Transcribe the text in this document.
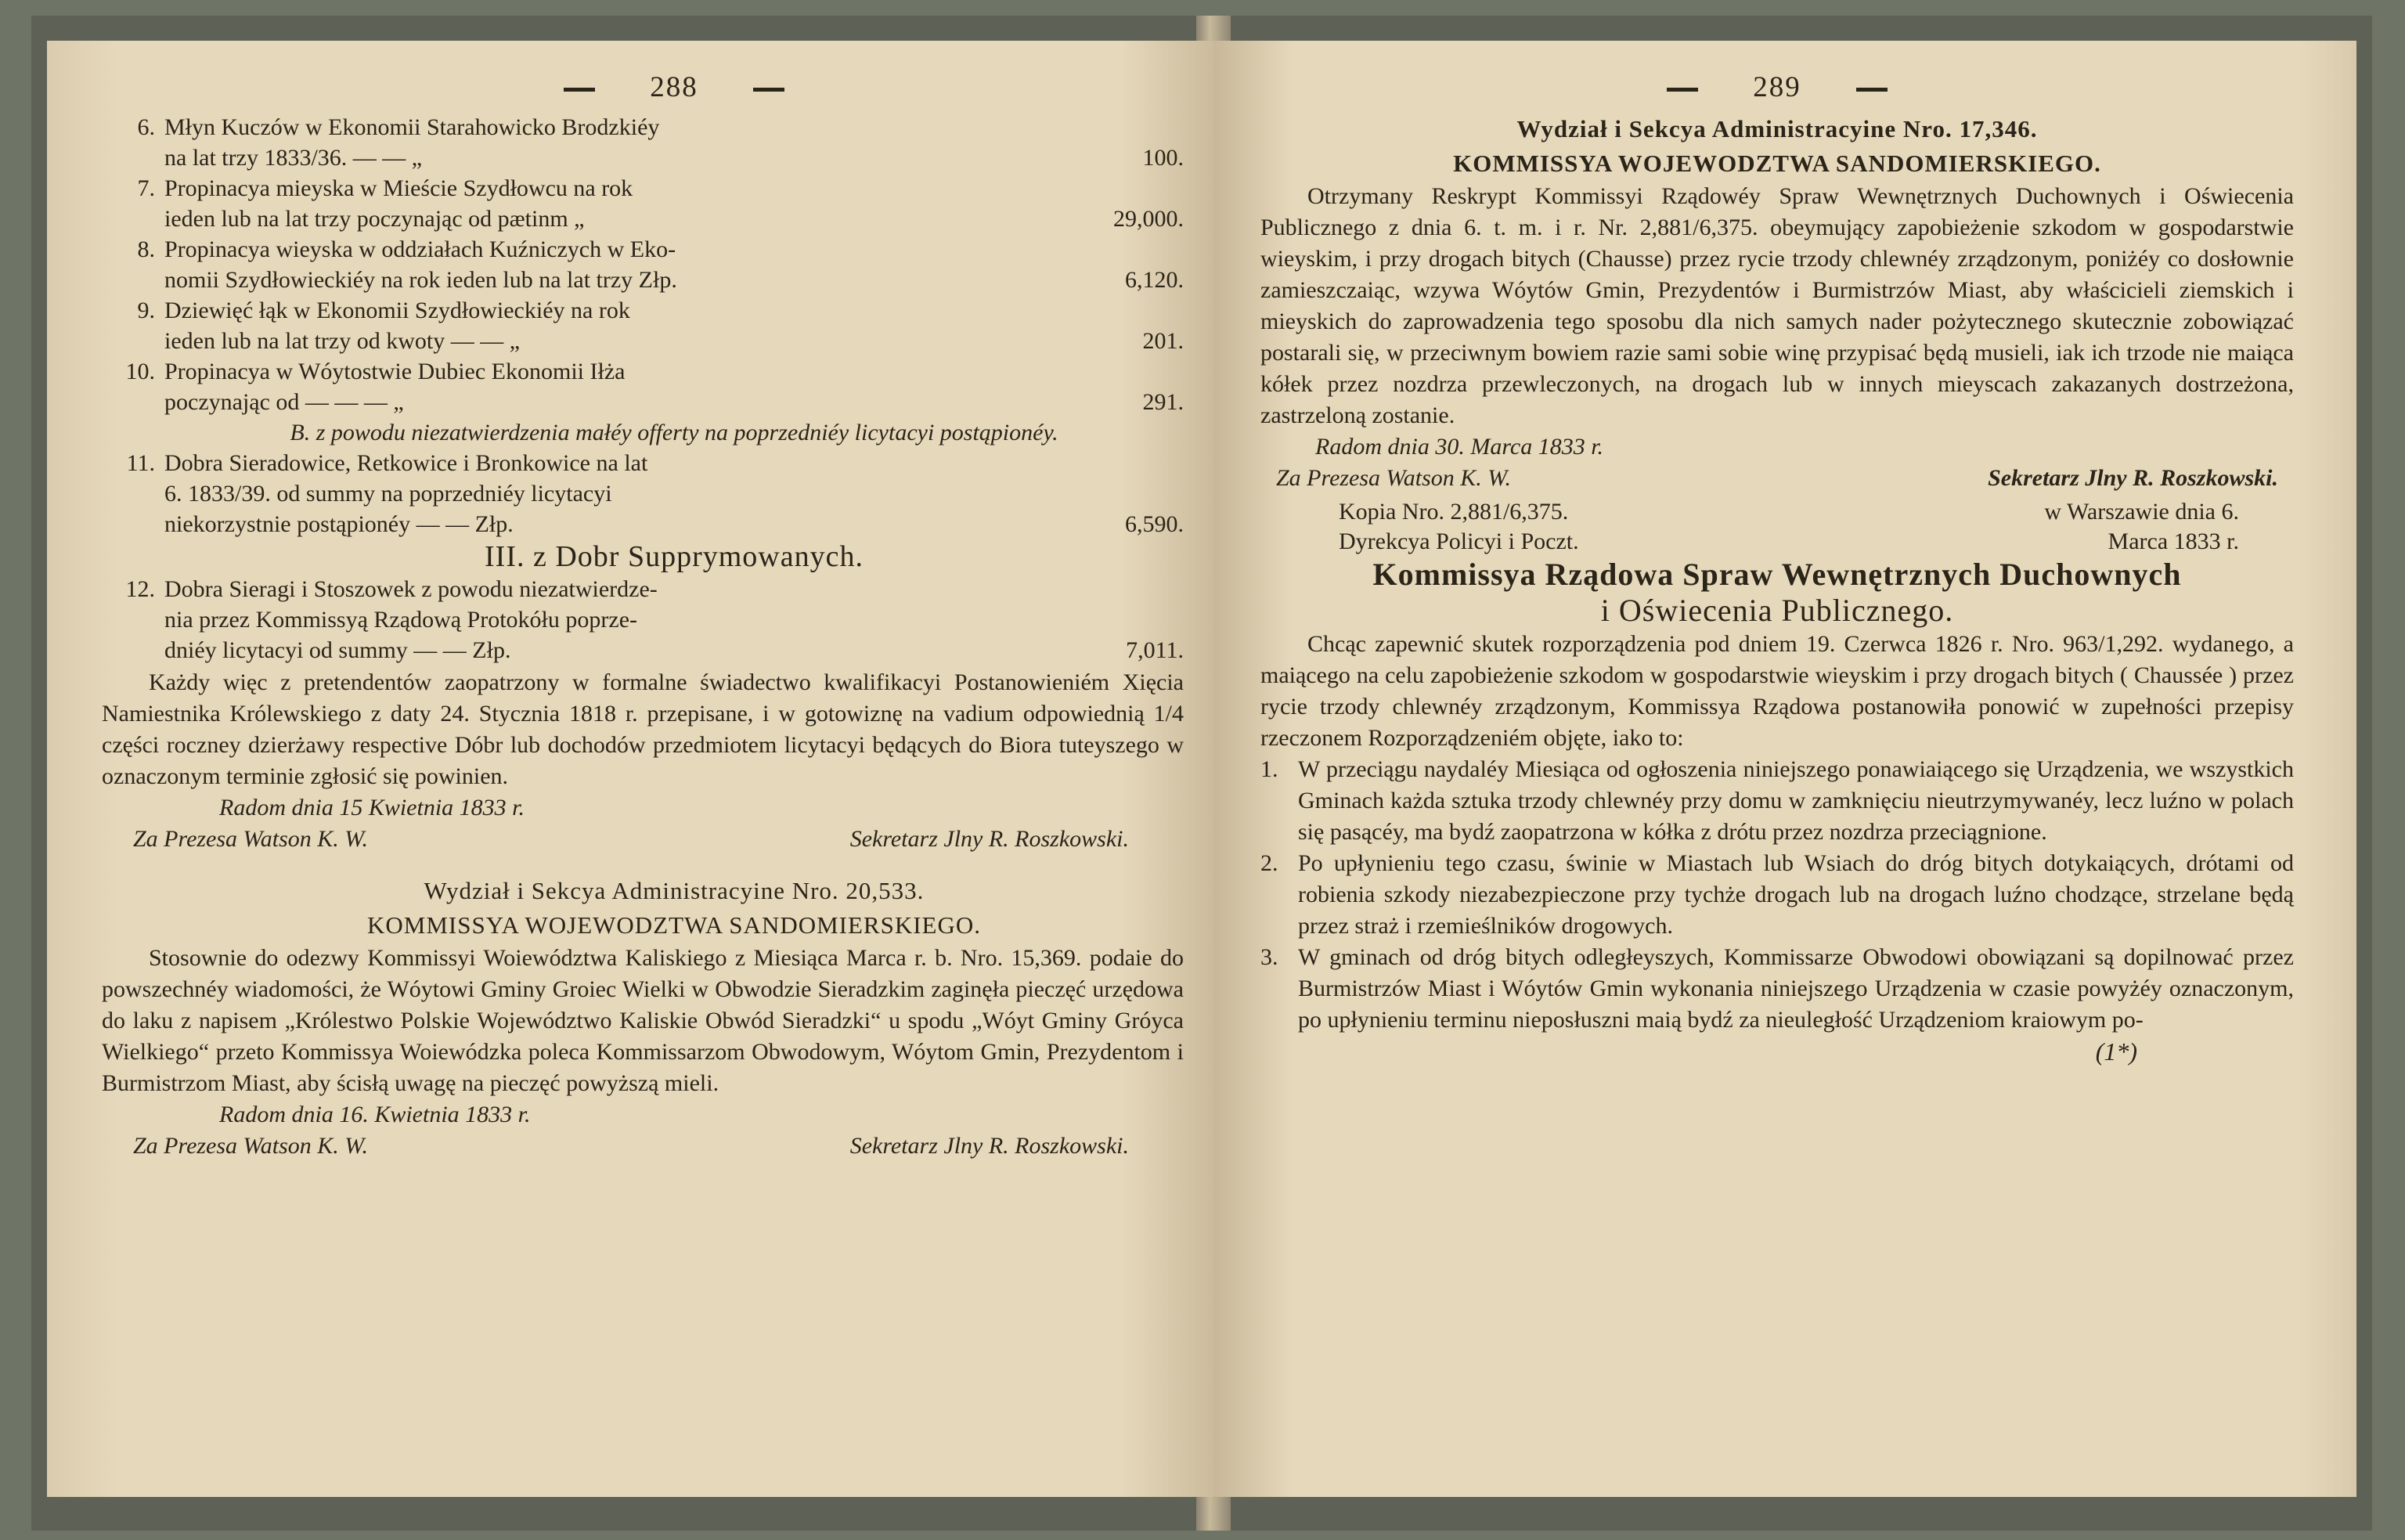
288
6. Młyn Kuczów w Ekonomii Starahowicko Brodzkiéy
na lat trzy 1833/36. — — „	100.
7. Propinacya mieyska w Mieście Szydłowcu na rok
ieden lub na lat trzy poczynając od pætinm „	29,000.
8. Propinacya wieyska w oddziałach Kuźniczych w Eko-
nomii Szydłowieckiéy na rok ieden lub na lat trzy Złp.	6,120.
9. Dziewięć łąk w Ekonomii Szydłowieckiéy na rok
ieden lub na lat trzy od kwoty — — „	201.
10. Propinacya w Wóytostwie Dubiec Ekonomii Iłża
poczynając od — — — „	291.
B. z powodu niezatwierdzenia małéy offerty na poprzedniéy licytacyi postąpionéy.
11. Dobra Sieradowice, Retkowice i Bronkowice na lat
6. 1833/39. od summy na poprzedniéy licytacyi
niekorzystnie postąpionéy — — Złp.	6,590.
III. z Dobr Supprymowanych.
12. Dobra Sieragi i Stoszowek z powodu niezatwierdze-
nia przez Kommissyą Rządową Protokółu poprze-
dniéy licytacyi od summy — — Złp.	7,011.
Każdy więc z pretendentów zaopatrzony w formalne świadectwo kwalifikacyi Postanowieniém Xięcia Namiestnika Królewskiego z daty 24. Stycznia 1818 r. przepisane, i w gotowiznę na vadium odpowiednią 1/4 części roczney dzierżawy respective Dóbr lub dochodów przedmiotem licytacyi będących do Biora tuteyszego w oznaczonym terminie zgłosić się powinien.
Radom dnia 15 Kwietnia 1833 r.
Za Prezesa Watson K. W.	Sekretarz Jlny R. Roszkowski.
Wydział i Sekcya Administracyine Nro. 20,533.
KOMMISSYA WOJEWODZTWA SANDOMIERSKIEGO.
Stosownie do odezwy Kommissyi Woiewództwa Kaliskiego z Miesiąca Marca r. b. Nro. 15,369. podaie do powszechnéy wiadomości, że Wóytowi Gminy Groiec Wielki w Obwodzie Sieradzkim zaginęła pieczęć urzędowa do laku z napisem „Królestwo Polskie Województwo Kaliskie Obwód Sieradzki“ u spodu „Wóyt Gminy Gróyca Wielkiego“ przeto Kommissya Woiewódzka poleca Kommissarzom Obwodowym, Wóytom Gmin, Prezydentom i Burmistrzom Miast, aby ścisłą uwagę na pieczęć powyższą mieli.
Radom dnia 16. Kwietnia 1833 r.
Za Prezesa Watson K. W.	Sekretarz Jlny R. Roszkowski.
289
Wydział i Sekcya Administracyine Nro. 17,346.
KOMMISSYA WOJEWODZTWA SANDOMIERSKIEGO.
Otrzymany Reskrypt Kommissyi Rządowéy Spraw Wewnętrznych Duchownych i Oświecenia Publicznego z dnia 6. t. m. i r. Nr. 2,881/6,375. obeymujący zapobieżenie szkodom w gospodarstwie wieyskim, i przy drogach bitych (Chausse) przez rycie trzody chlewnéy zrządzonym, poniżéy co dosłownie zamieszczaiąc, wzywa Wóytów Gmin, Prezydentów i Burmistrzów Miast, aby właścicieli ziemskich i mieyskich do zaprowadzenia tego sposobu dla nich samych nader pożytecznego skutecznie zobowiązać postarali się, w przeciwnym bowiem razie sami sobie winę przypisać będą musieli, iak ich trzode nie maiąca kółek przez nozdrza przewleczonych, na drogach lub w innych mieyscach zakazanych dostrzeżona, zastrzeloną zostanie.
Radom dnia 30. Marca 1833 r.
Za Prezesa Watson K. W.	Sekretarz Jlny R. Roszkowski.
Kopia Nro. 2,881/6,375.	w Warszawie dnia 6.
Dyrekcya Policyi i Poczt.	Marca 1833 r.
Kommissya Rządowa Spraw Wewnętrznych Duchownych
i Oświecenia Publicznego.
Chcąc zapewnić skutek rozporządzenia pod dniem 19. Czerwca 1826 r. Nro. 963/1,292. wydanego, a maiącego na celu zapobieżenie szkodom w gospodarstwie wieyskim i przy drogach bitych ( Chaussée ) przez rycie trzody chlewnéy zrządzonym, Kommissya Rządowa postanowiła ponowić w zupełności przepisy rzeczonem Rozporządzeniém objęte, iako to:
1. W przeciągu naydaléy Miesiąca od ogłoszenia niniejszego ponawiaiącego się Urządzenia, we wszystkich Gminach każda sztuka trzody chlewnéy przy domu w zamknięciu nieutrzymywanéy, lecz luźno w polach się pasącéy, ma bydź zaopatrzona w kółka z drótu przez nozdrza przeciągnione.
2. Po upłynieniu tego czasu, świnie w Miastach lub Wsiach do dróg bitych dotykaiących, drótami od robienia szkody niezabezpieczone przy tychże drogach lub na drogach luźno chodzące, strzelane będą przez straż i rzemieślników drogowych.
3. W gminach od dróg bitych odległeyszych, Kommissarze Obwodowi obowiązani są dopilnować przez Burmistrzów Miast i Wóytów Gmin wykonania niniejszego Urządzenia w czasie powyżéy oznaczonym, po upłynieniu terminu nieposłuszni maią bydź za nieuległość Urządzeniom kraiowym po-
(1*)
